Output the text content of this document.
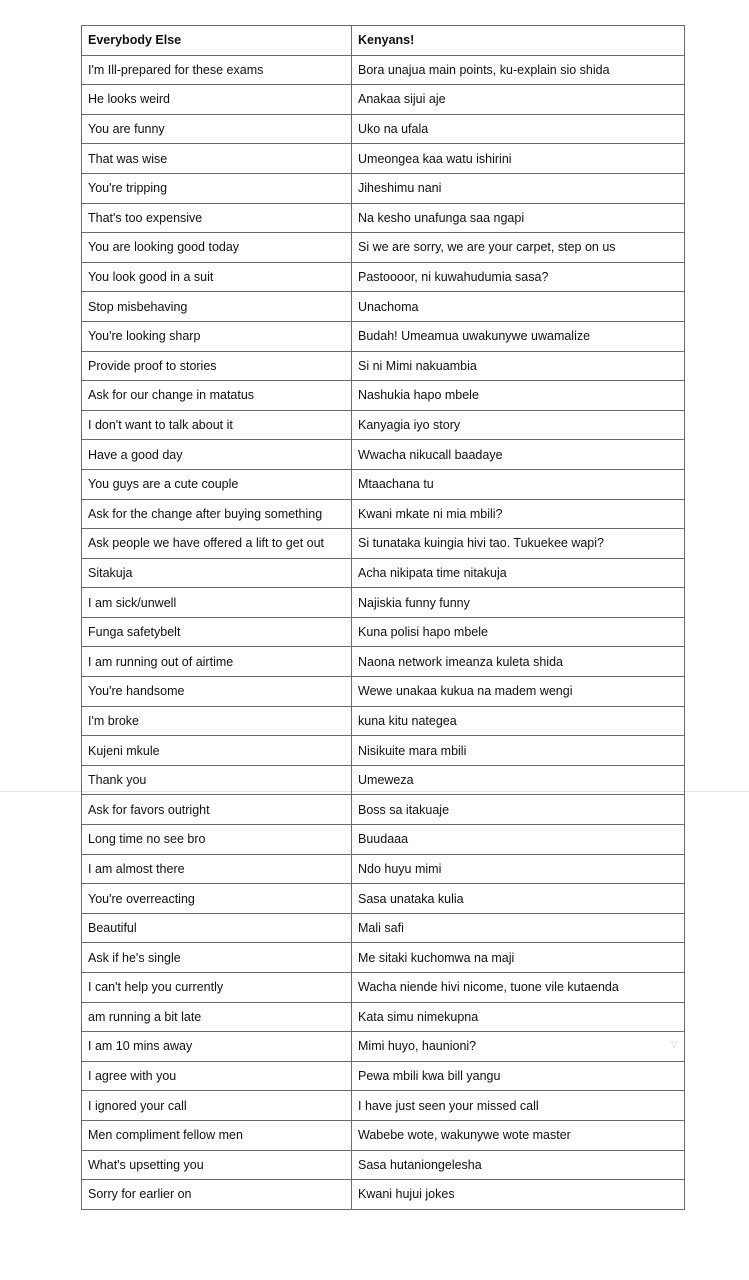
Everybody Else	Kenyans!
I'm Ill-prepared for these exams	Bora unajua main points, ku-explain sio shida
He looks weird	Anakaa sijui aje
You are funny	Uko na ufala
That was wise	Umeongea kaa watu ishirini
You're tripping	Jiheshimu nani
That's too expensive	Na kesho unafunga saa ngapi
You are looking good today	Si we are sorry, we are your carpet, step on us
You look good in a suit	Pastoooor, ni kuwahudumia sasa?
Stop misbehaving	Unachoma
You're looking sharp	Budah! Umeamua uwakunywe uwamalize
Provide proof to stories	Si ni Mimi nakuambia
Ask for our change in matatus	Nashukia hapo mbele
I don't want to talk about it	Kanyagia iyo story
Have a good day	Wwacha nikucall baadaye
You guys are a cute couple	Mtaachana tu
Ask for the change after buying something	Kwani mkate ni mia mbili?
Ask people we have offered a lift to get out	Si tunataka kuingia hivi tao. Tukuekee wapi?
Sitakuja	Acha nikipata time nitakuja
I am sick/unwell	Najiskia funny funny
Funga safetybelt	Kuna polisi hapo mbele
I am running out of airtime	Naona network imeanza kuleta shida
You're handsome	Wewe unakaa kukua na madem wengi
I'm broke	kuna kitu nategea
Kujeni mkule	Nisikuite mara mbili
Thank you	Umeweza
Ask for favors outright	Boss sa itakuaje
Long time no see bro	Buudaaa
I am almost there	Ndo huyu mimi
You're overreacting	Sasa unataka kulia
Beautiful	Mali safi
Ask if he's single	Me sitaki kuchomwa na maji
I can't help you currently	Wacha niende hivi nicome, tuone vile kutaenda
am running a bit late	Kata simu nimekupna
I am 10 mins away	Mimi huyo, haunioni?
I agree with you	Pewa mbili kwa bill yangu
I ignored your call	I have just seen your missed call
Men compliment fellow men	Wabebe wote, wakunywe wote master
What's upsetting you	Sasa hutaniongelesha
Sorry for earlier on	Kwani hujui jokes
▽
